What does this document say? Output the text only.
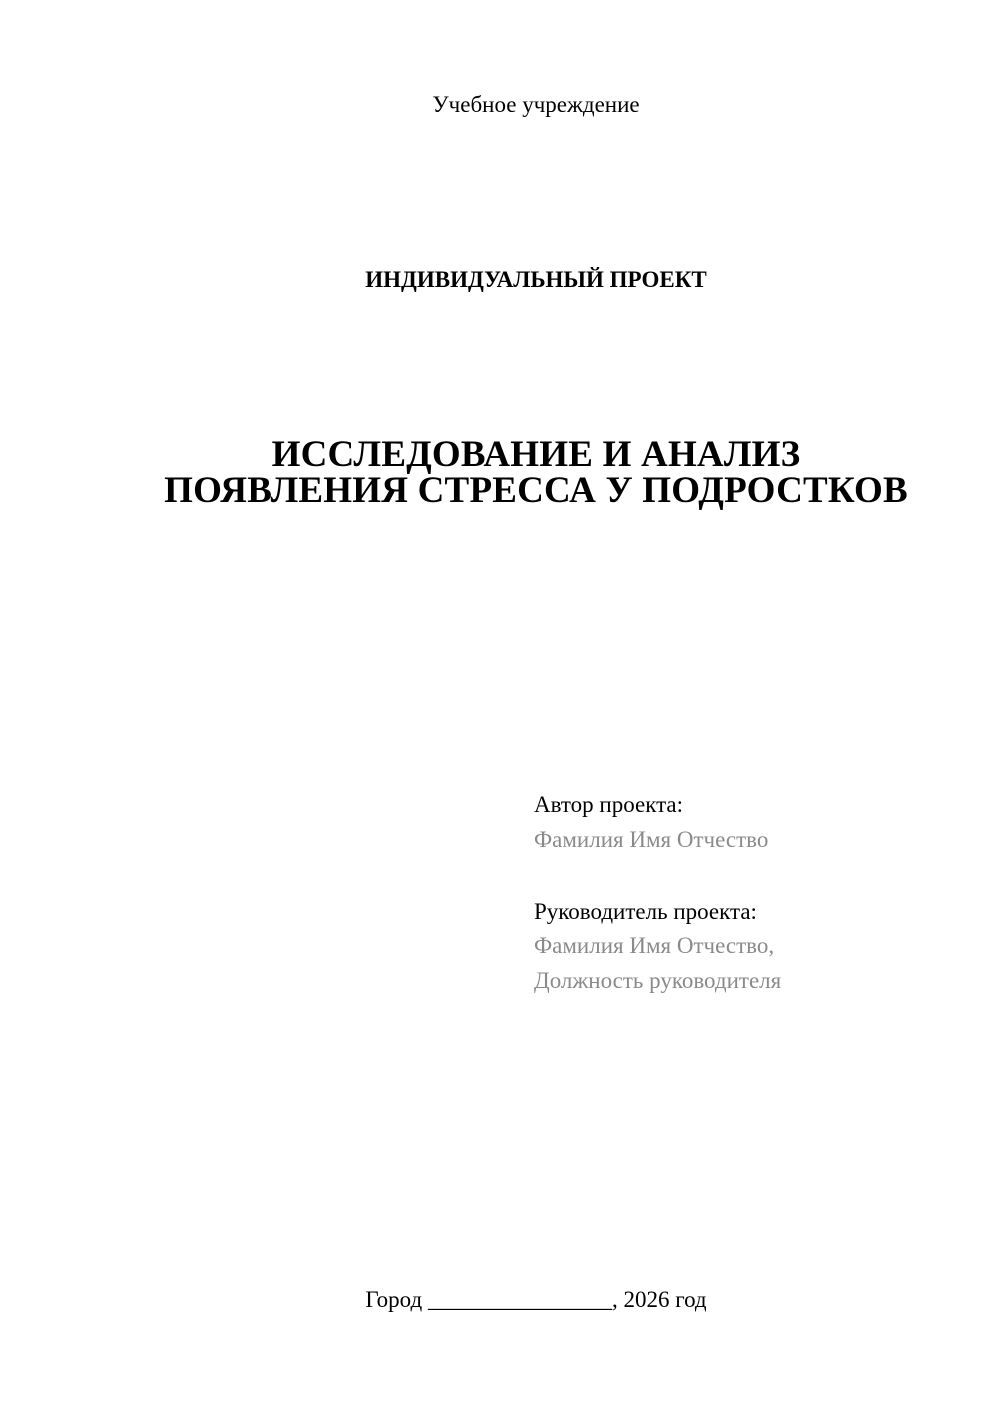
Учебное учреждение
ИНДИВИДУАЛЬНЫЙ ПРОЕКТ
ИССЛЕДОВАНИЕ И АНАЛИЗ
ПОЯВЛЕНИЯ СТРЕССА У ПОДРОСТКОВ
Автор проекта:
Фамилия Имя Отчество
Руководитель проекта:
Фамилия Имя Отчество,
Должность руководителя
Город ________________, 2026 год
